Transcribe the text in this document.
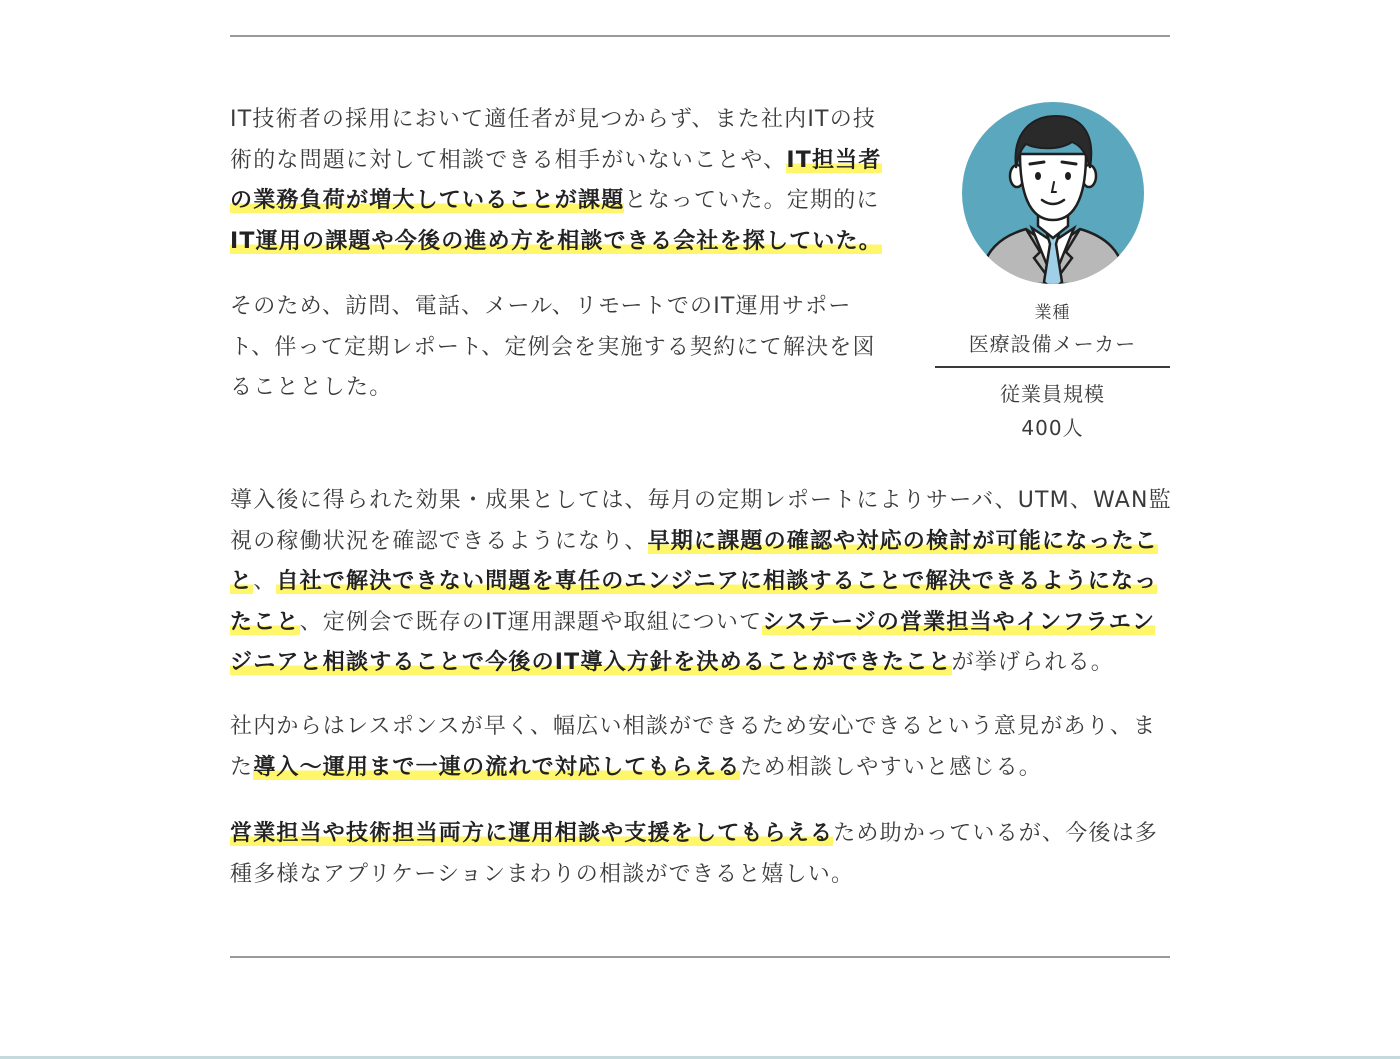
IT技術者の採用において適任者が見つからず、また社内ITの技術的な問題に対して相談できる相手がいないことや、IT担当者の業務負荷が増大していることが課題となっていた。定期的にIT運用の課題や今後の進め方を相談できる会社を探していた。

そのため、訪問、電話、メール、リモートでのIT運用サポート、伴って定期レポート、定例会を実施する契約にて解決を図ることとした。

業種

医療設備メーカー

従業員規模

400人

導入後に得られた効果・成果としては、毎月の定期レポートによりサーバ、UTM、WAN監視の稼働状況を確認できるようになり、早期に課題の確認や対応の検討が可能になったこと、自社で解決できない問題を専任のエンジニアに相談することで解決できるようになったこと、定例会で既存のIT運用課題や取組についてシステージの営業担当やインフラエンジニアと相談することで今後のIT導入方針を決めることができたことが挙げられる。

社内からはレスポンスが早く、幅広い相談ができるため安心できるという意見があり、また導入～運用まで一連の流れで対応してもらえるため相談しやすいと感じる。

営業担当や技術担当両方に運用相談や支援をしてもらえるため助かっているが、今後は多種多様なアプリケーションまわりの相談ができると嬉しい。
